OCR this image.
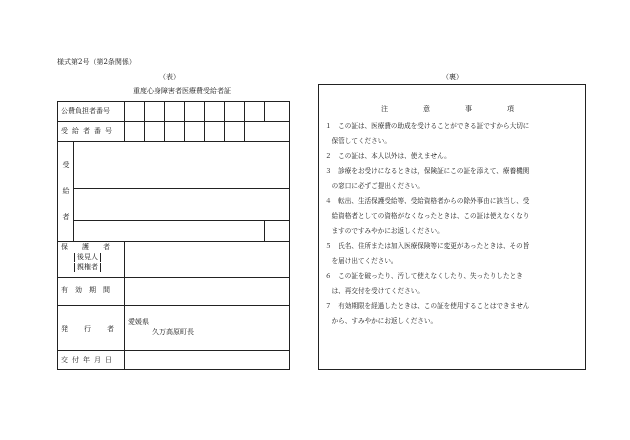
様式第2号（第2条関係）
（表）	（裏）
重度心身障害者医療費受給者証
公費負担者番号
受給者番号
受
給
者
保護者
後見人
親権者
有効期間
発行者
愛媛県
久万高原町長
交付年月日
注意事項
１　この証は、医療費の助成を受けることができる証ですから大切に
　保管してください。
２　この証は、本人以外は、使えません。
３　診療をお受けになるときは，保険証にこの証を添えて、療養機関
　の窓口に必ずご提出ください。
４　転出、生活保護受給等、受給資格者からの除外事由に該当し、受
　給資格者としての資格がなくなったときは、この証は使えなくなり
　ますのですみやかにお返しください。
５　氏名、住所または加入医療保険等に変更があったときは、その旨
　を届け出てください。
６　この証を破ったり、汚して使えなくしたり、失ったりしたとき
　は、再交付を受けてください。
７　有効期限を経過したときは、この証を使用することはできません
　から、すみやかにお返しください。
